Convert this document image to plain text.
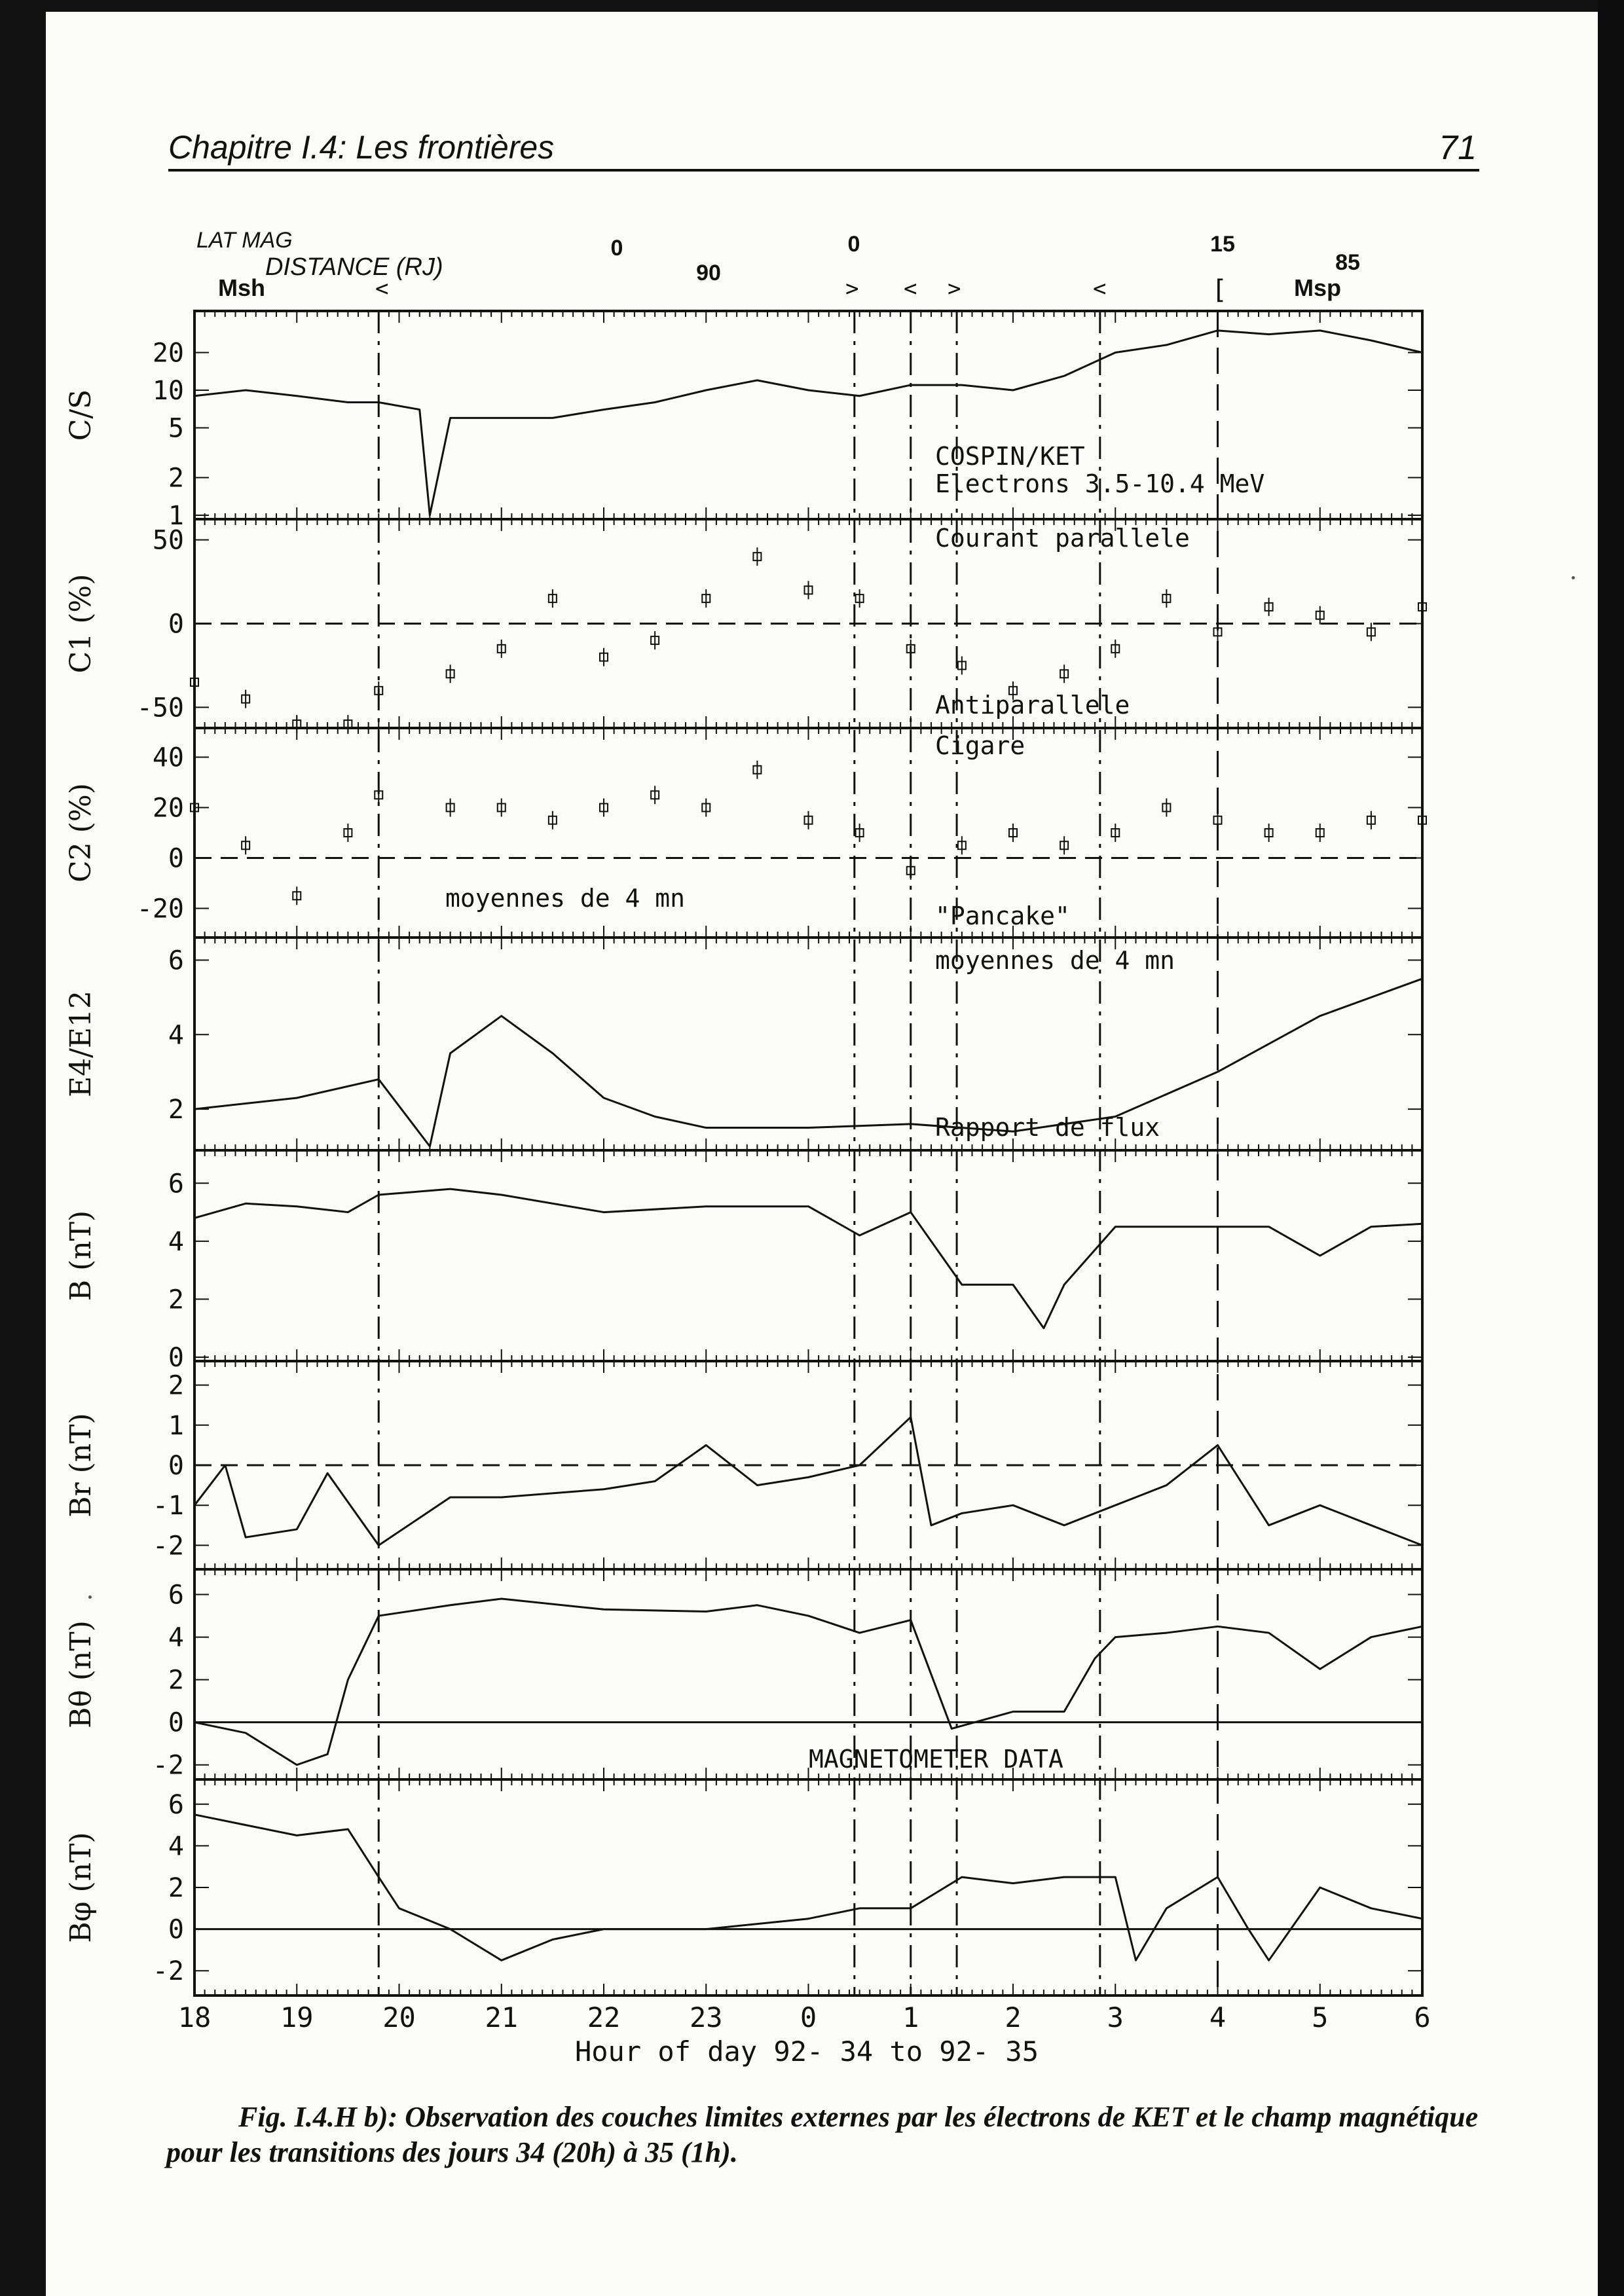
Chapitre I.4: Les frontières	71
LAT MAG
DISTANCE (RJ)
Msh	Msp
0
90
0	15
85
<	> < >	<	[
20
10
5
2
1
C/S
COSPIN/KET
Electrons 3.5-10.4 MeV
50
0
-50
C1 (%)
Courant parallele
Antiparallele
40
20
0
-20
C2 (%)
Cigare
moyennes de 4 mn
"Pancake"
6
4
2
E4/E12
moyennes de 4 mn
Rapport de flux
6
4
2
0
B (nT)
2
1
0
-1
-2
Br (nT)
6
4
2
0
-2
Bθ (nT)
MAGNETOMETER DATA
6
4
2
0
-2
Bφ (nT)
18	19	20	21	22	23	0	1	2	3	4	5	6
Hour of day 92- 34 to 92- 35
Fig. I.4.H b): Observation des couches limites externes par les électrons de KET et le champ magnétique pour les transitions des jours 34 (20h) à 35 (1h).
